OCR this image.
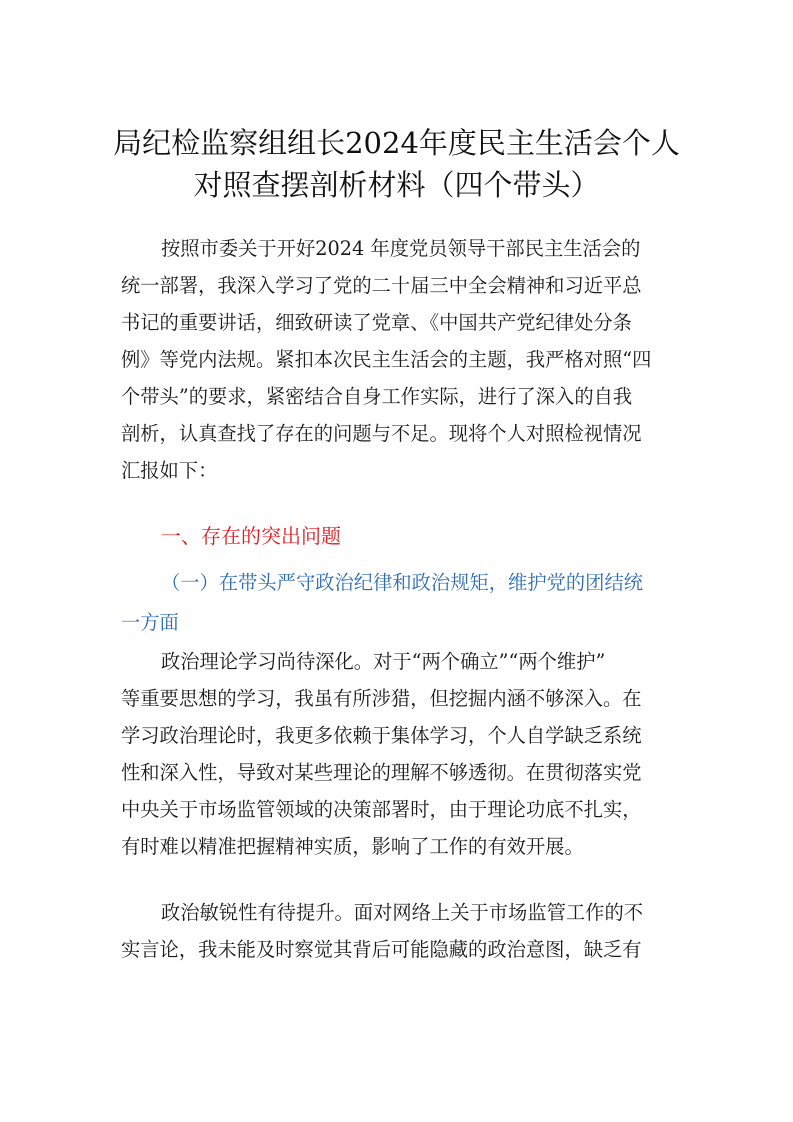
局纪检监察组组长2024年度民主生活会个人
对照查摆剖析材料（四个带头）
按照市委关于开好2024 年度党员领导干部民主生活会的
统一部署，我深入学习了党的二十届三中全会精神和习近平总
书记的重要讲话，细致研读了党章、《中国共产党纪律处分条
例》等党内法规。紧扣本次民主生活会的主题，我严格对照“四
个带头”的要求，紧密结合自身工作实际，进行了深入的自我
剖析，认真查找了存在的问题与不足。现将个人对照检视情况
汇报如下：
一、存在的突出问题
（一）在带头严守政治纪律和政治规矩，维护党的团结统
一方面
政治理论学习尚待深化。对于“两个确立”“两个维护”
等重要思想的学习，我虽有所涉猎，但挖掘内涵不够深入。在
学习政治理论时，我更多依赖于集体学习，个人自学缺乏系统
性和深入性，导致对某些理论的理解不够透彻。在贯彻落实党
中央关于市场监管领域的决策部署时，由于理论功底不扎实，
有时难以精准把握精神实质，影响了工作的有效开展。
政治敏锐性有待提升。面对网络上关于市场监管工作的不
实言论，我未能及时察觉其背后可能隐藏的政治意图，缺乏有
